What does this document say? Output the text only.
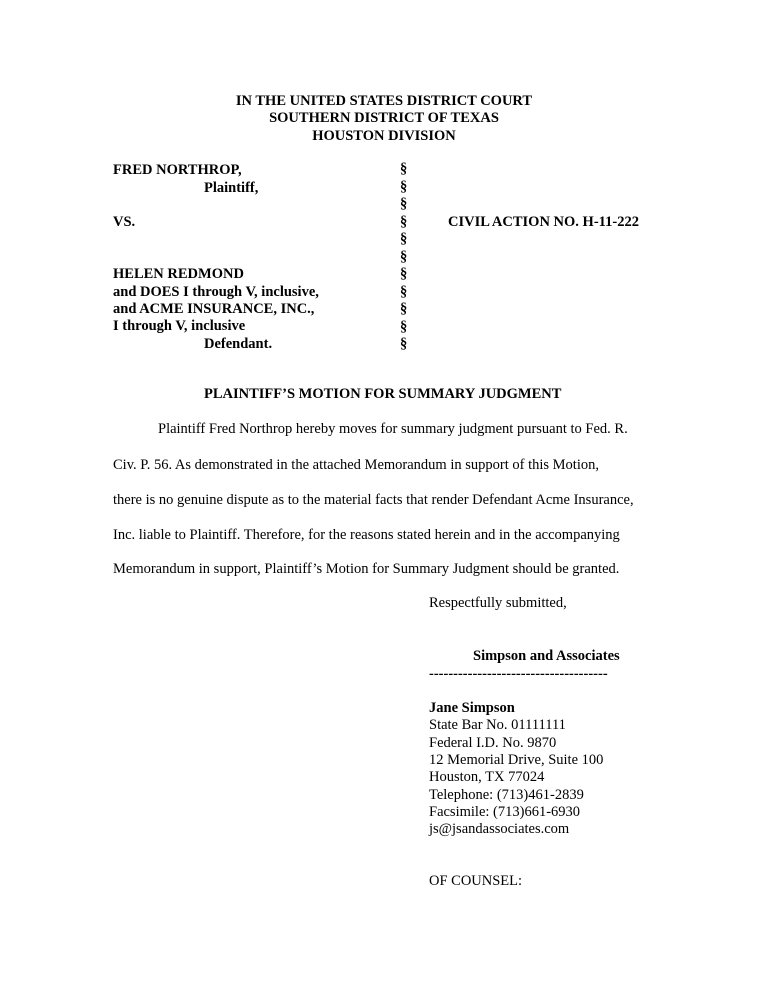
IN THE UNITED STATES DISTRICT COURT
SOUTHERN DISTRICT OF TEXAS
HOUSTON DIVISION
FRED NORTHROP,
Plaintiff,
VS.
HELEN REDMOND
and DOES I through V, inclusive,
and ACME INSURANCE, INC.,
I through V, inclusive
Defendant.
§
§
§
§
§
§
§
§
§
§
§
CIVIL ACTION NO. H-11-222
PLAINTIFF’S MOTION FOR SUMMARY JUDGMENT
Plaintiff Fred Northrop hereby moves for summary judgment pursuant to Fed. R.
Civ. P. 56. As demonstrated in the attached Memorandum in support of this Motion,
there is no genuine dispute as to the material facts that render Defendant Acme Insurance,
Inc. liable to Plaintiff. Therefore, for the reasons stated herein and in the accompanying
Memorandum in support, Plaintiff’s Motion for Summary Judgment should be granted.
Respectfully submitted,
Simpson and Associates
-------------------------------------
Jane Simpson
State Bar No. 01111111
Federal I.D. No. 9870
12 Memorial Drive, Suite 100
Houston, TX 77024
Telephone: (713)461-2839
Facsimile: (713)661-6930
js@jsandassociates.com
OF COUNSEL:
